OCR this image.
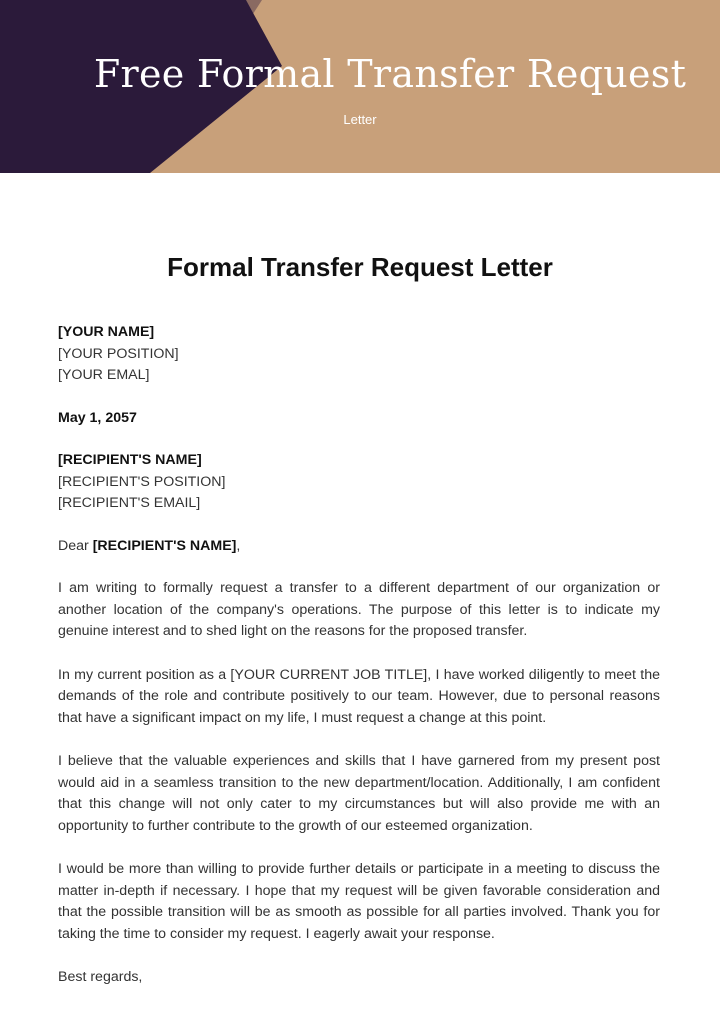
Free Formal Transfer Request
Letter
Formal Transfer Request Letter

[YOUR NAME]

[YOUR POSITION]

[YOUR EMAL]

May 1, 2057

[RECIPIENT'S NAME]

[RECIPIENT'S POSITION]

[RECIPIENT'S EMAIL]

Dear [RECIPIENT'S NAME],

I am writing to formally request a transfer to a different department of our organization or another location of the company's operations. The purpose of this letter is to indicate my genuine interest and to shed light on the reasons for the proposed transfer.

In my current position as a [YOUR CURRENT JOB TITLE], I have worked diligently to meet the demands of the role and contribute positively to our team. However, due to personal reasons that have a significant impact on my life, I must request a change at this point.

I believe that the valuable experiences and skills that I have garnered from my present post would aid in a seamless transition to the new department/location. Additionally, I am confident that this change will not only cater to my circumstances but will also provide me with an opportunity to further contribute to the growth of our esteemed organization.

I would be more than willing to provide further details or participate in a meeting to discuss the matter in-depth if necessary. I hope that my request will be given favorable consideration and that the possible transition will be as smooth as possible for all parties involved. Thank you for taking the time to consider my request. I eagerly await your response.

Best regards,
